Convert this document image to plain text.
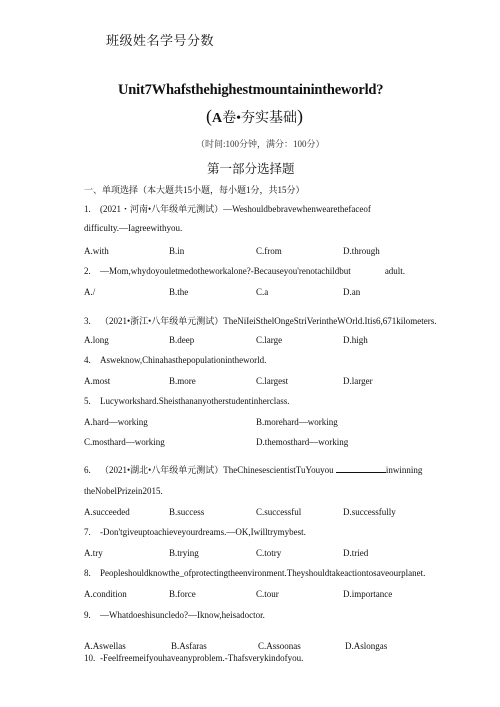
班级姓名学号分数
Unit7Whafsthehighestmountainintheworld?
(A卷•夯实基础)
（时间:100分钟，满分：100分）
第一部分选择题
一、单项选择（本大题共15小题，每小题1分，共15分）
1. (2021・河南•八年级单元测试）—Weshouldbebravewhenwearethefaceof
difficulty.—Iagreewithyou.
A.with	B.in	C.from	D.through
2. —Mom,whydoyouletmedotheworkalone?-Becauseyou'renotachildbut	adult.
A./	B.the	C.a	D.an
3. （2021•浙江•八年级单元测试）TheNiIeiSthelOngeStriVerintheWOrld.Itis6,671kilometers.
A.long	B.deep	C.large	D.high
4. Asweknow,Chinahasthepopulationintheworld.
A.most	B.more	C.largest	D.larger
5. Lucyworkshard.Sheisthananyotherstudentinherclass.
A.hard—working	B.morehard—working
C.mosthard—working	D.themosthard—working
6. （2021•湖北•八年级单元测试）TheChinesescientistTuYouyou	inwinning
theNobelPrizein2015.
A.succeeded	B.success	C.successful	D.successfully
7. -Don'tgiveuptoachieveyourdreams.—OK,Iwilltrymybest.
A.try	B.trying	C.totry	D.tried
8. Peopleshouldknowthe_ofprotectingtheenvironment.Theyshouldtakeactiontosaveourplanet.
A.condition	B.force	C.tour	D.importance
9. —Whatdoeshisuncledo?—Iknow,heisadoctor.
A.Aswellas	B.Asfaras	C.Assoonas	D.Aslongas
10. -Feelfreemeifyouhaveanyproblem.-Thafsverykindofyou.
